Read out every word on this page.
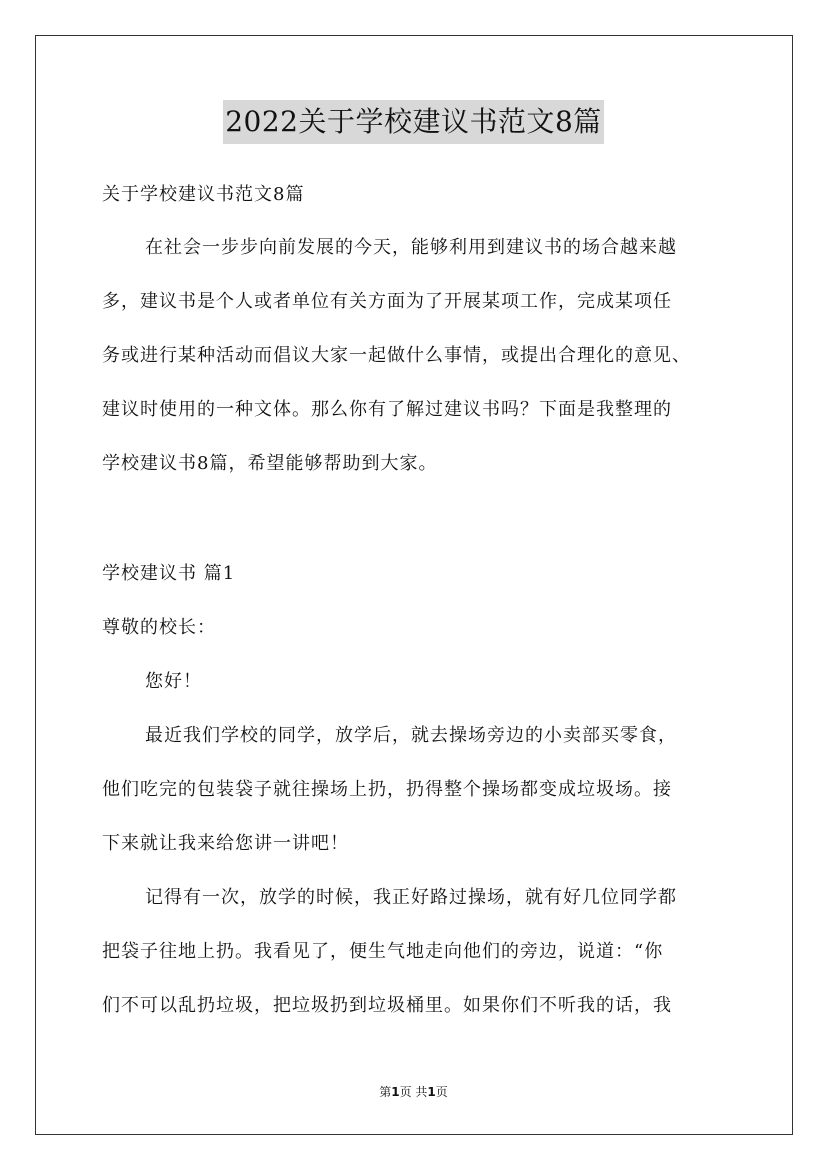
2022关于学校建议书范文8篇
关于学校建议书范文8篇
在社会一步步向前发展的今天，能够利用到建议书的场合越来越
多，建议书是个人或者单位有关方面为了开展某项工作，完成某项任
务或进行某种活动而倡议大家一起做什么事情，或提出合理化的意见、
建议时使用的一种文体。那么你有了解过建议书吗？下面是我整理的
学校建议书8篇，希望能够帮助到大家。
学校建议书 篇1
尊敬的校长：
您好！
最近我们学校的同学，放学后，就去操场旁边的小卖部买零食，
他们吃完的包装袋子就往操场上扔，扔得整个操场都变成垃圾场。接
下来就让我来给您讲一讲吧！
记得有一次，放学的时候，我正好路过操场，就有好几位同学都
把袋子往地上扔。我看见了，便生气地走向他们的旁边，说道：“你
们不可以乱扔垃圾，把垃圾扔到垃圾桶里。如果你们不听我的话，我
第1页 共1页
